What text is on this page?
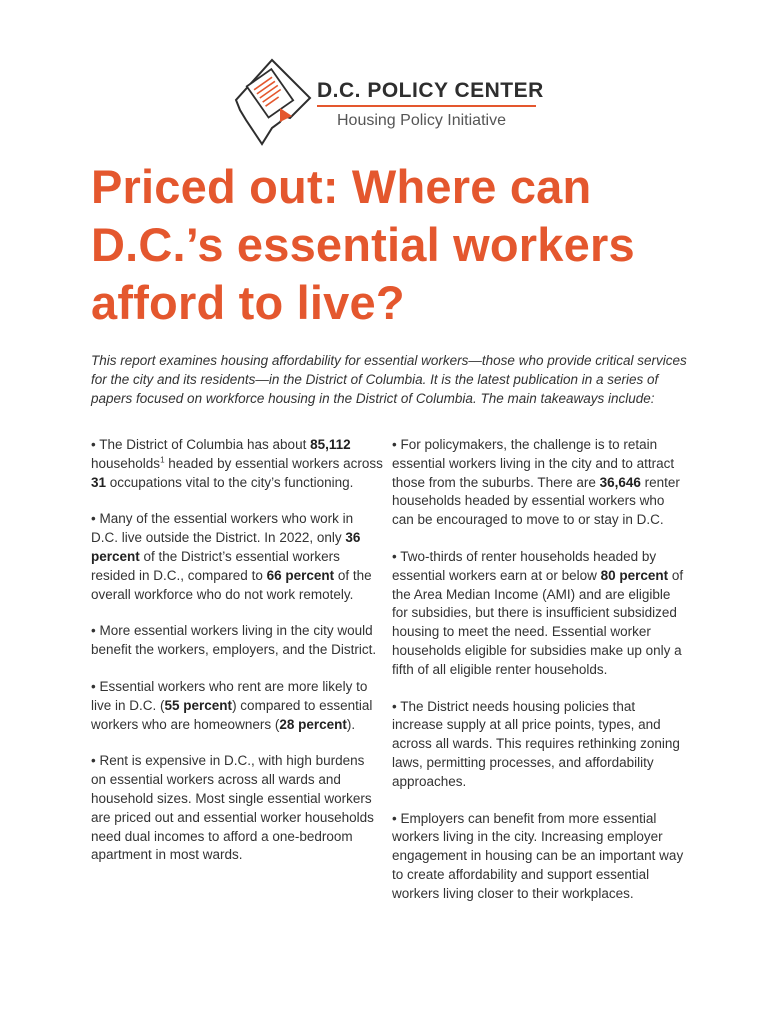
D.C. POLICY CENTER
Housing Policy Initiative
Priced out: Where can D.C.’s essential workers afford to live?

This report examines housing affordability for essential workers—those who provide critical services for the city and its residents—in the District of Columbia. It is the latest publication in a series of papers focused on workforce housing in the District of Columbia. The main takeaways include:

• The District of Columbia has about 85,112 households$^1$ headed by essential workers across 31 occupations vital to the city’s functioning.

• Many of the essential workers who work in D.C. live outside the District. In 2022, only 36 percent of the District’s essential workers resided in D.C., compared to 66 percent of the overall workforce who do not work remotely.

• More essential workers living in the city would benefit the workers, employers, and the District.

• Essential workers who rent are more likely to live in D.C. (55 percent) compared to essential workers who are homeowners (28 percent).

• Rent is expensive in D.C., with high burdens on essential workers across all wards and household sizes. Most single essential workers are priced out and essential worker households need dual incomes to afford a one-bedroom apartment in most wards.

• For policymakers, the challenge is to retain essential workers living in the city and to attract those from the suburbs. There are 36,646 renter households headed by essential workers who can be encouraged to move to or stay in D.C.

• Two-thirds of renter households headed by essential workers earn at or below 80 percent of the Area Median Income (AMI) and are eligible for subsidies, but there is insufficient subsidized housing to meet the need. Essential worker households eligible for subsidies make up only a fifth of all eligible renter households.

• The District needs housing policies that increase supply at all price points, types, and across all wards. This requires rethinking zoning laws, permitting processes, and affordability approaches.

• Employers can benefit from more essential workers living in the city. Increasing employer engagement in housing can be an important way to create affordability and support essential workers living closer to their workplaces.
